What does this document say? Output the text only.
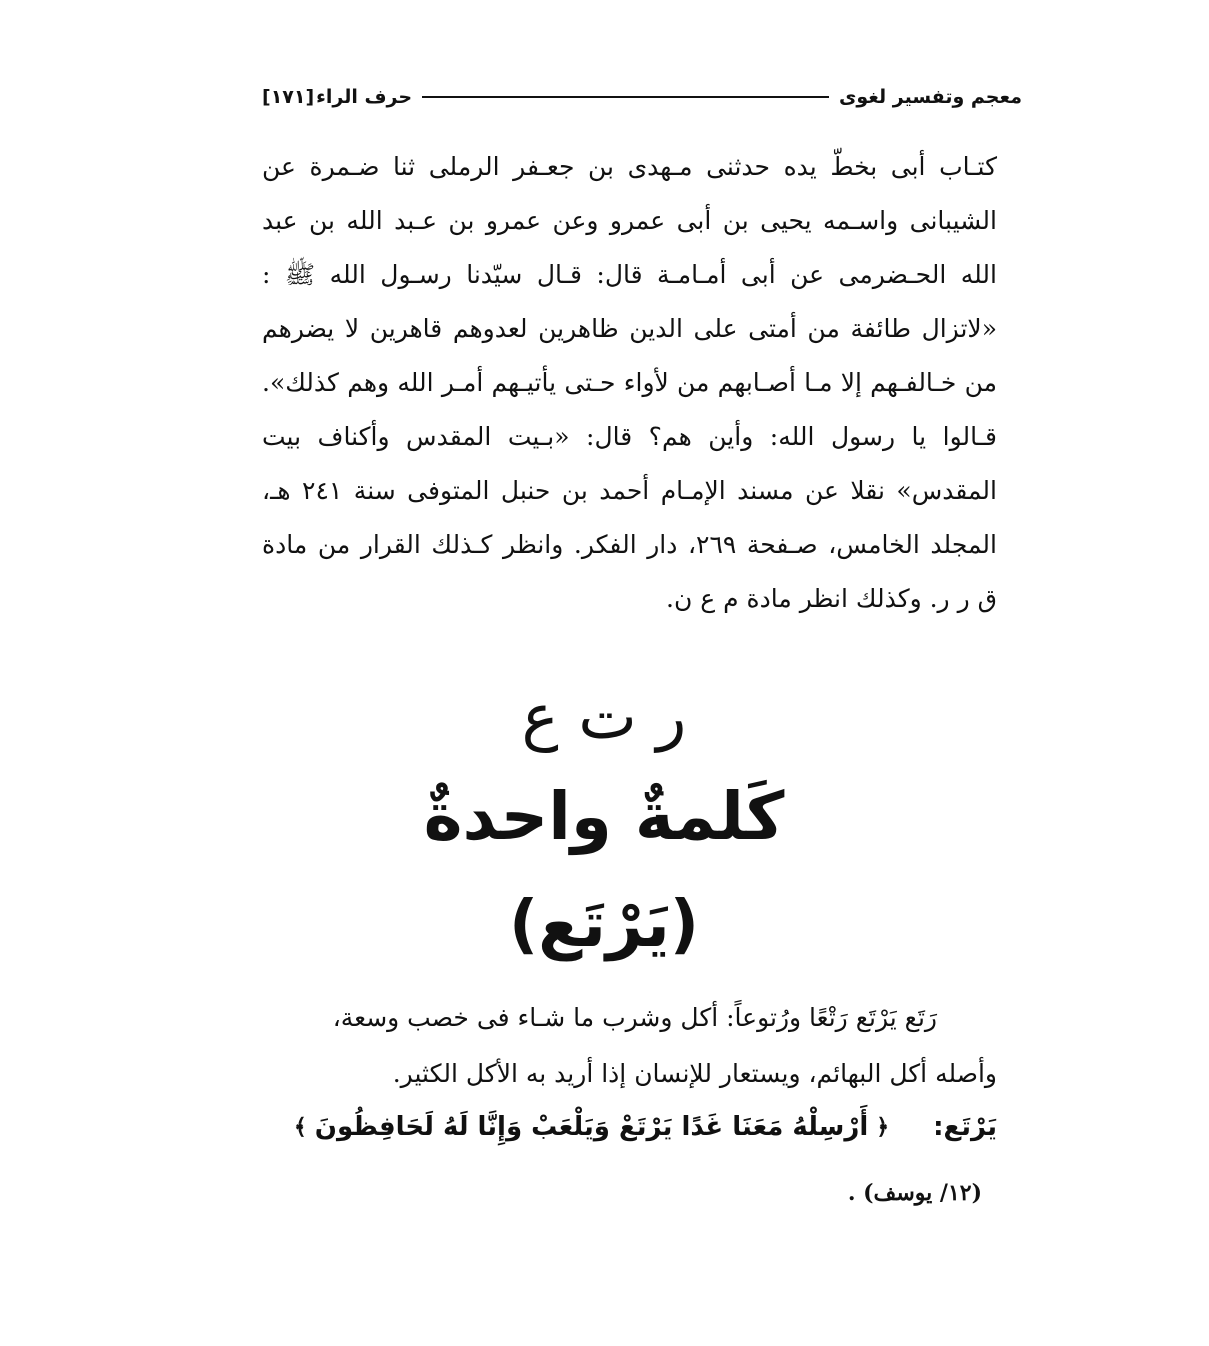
معجم وتفسير لغوى
حرف الراء
[١٧١]

كتـاب أبى بخطّ يده حدثنى مـهدى بن جعـفر الرملى ثنا ضـمرة عن الشيبانى واسـمه يحيى بن أبى عمرو وعن عمرو بن عـبد الله بن عبد الله الحـضرمى عن أبى أمـامـة قال: قـال سيّدنا رسـول الله ﷺ : «لاتزال طائفة من أمتى على الدين ظاهرين لعدوهم قاهرين لا يضرهم من خـالفـهم إلا مـا أصـابهم من لأواء حـتى يأتيـهم أمـر الله وهم كذلك». قـالوا يا رسول الله: وأين هم؟ قال: «بـيت المقدس وأكناف بيت المقدس» نقلا عن مسند الإمـام أحمد بن حنبل المتوفى سنة ٢٤١ هـ، المجلد الخامس، صـفحة ٢٦٩، دار الفكر. وانظر كـذلك القرار من مادة ق ر ر. وكذلك انظر مادة م ع ن.

ر ت ع
كَلمةٌ واحدةٌ
(يَرْتَع)

رَتَع يَرْتَع رَتْعًا ورُتوعاً: أكل وشرب ما شـاء فى خصب وسعة،

وأصله أكل البهائم، ويستعار للإنسان إذا أريد به الأكل الكثير.

يَرْتَع:
﴿
أَرْسِلْهُ مَعَنَا غَدًا يَرْتَعْ وَيَلْعَبْ وَإِنَّا لَهُ لَحَافِظُونَ
﴾
(١٢/ يوسف) .
